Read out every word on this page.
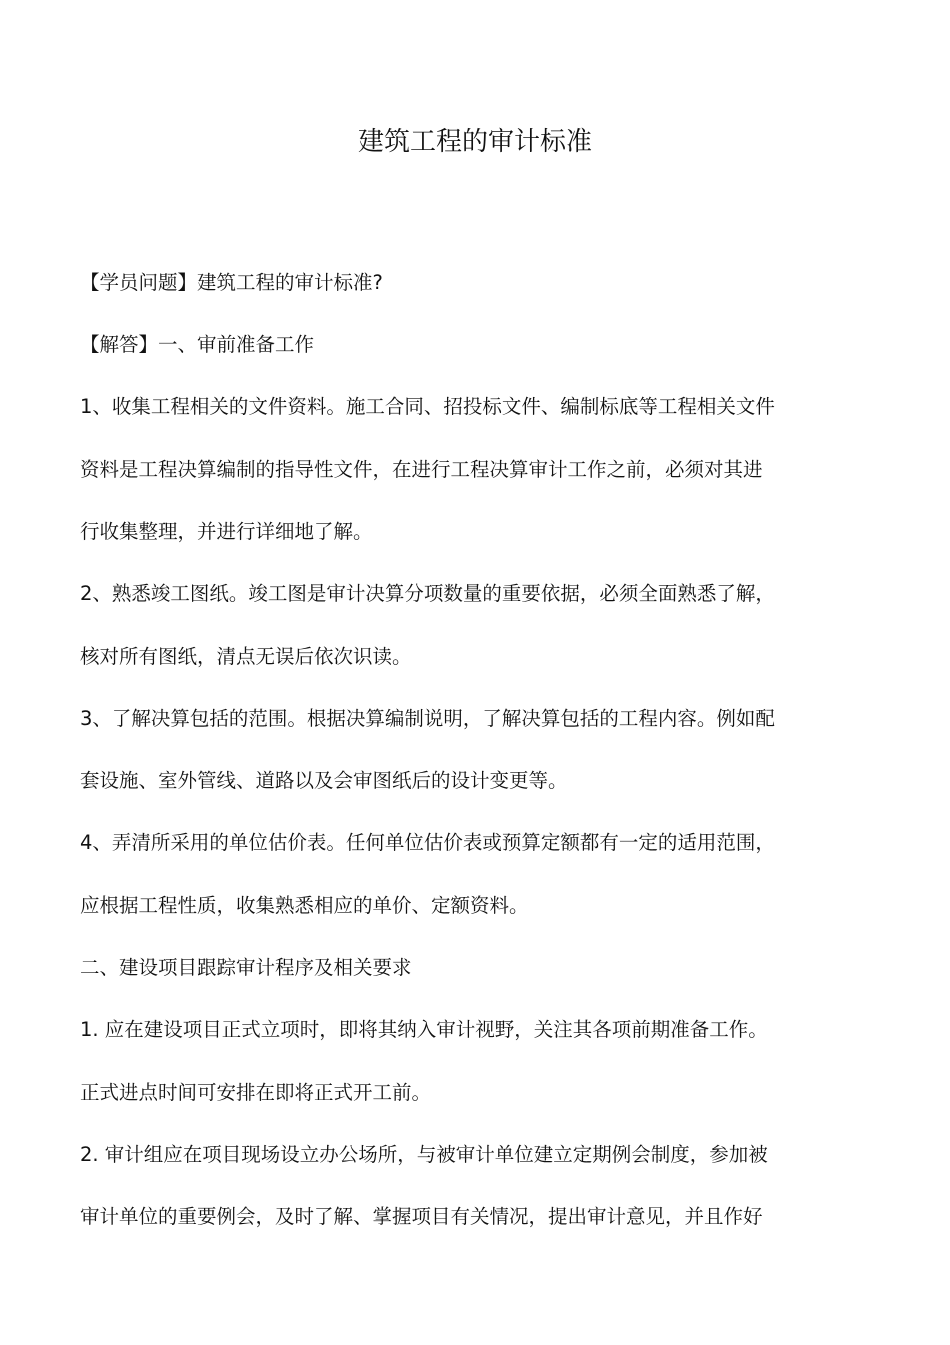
建筑工程的审计标准
【学员问题】建筑工程的审计标准?
【解答】一、审前准备工作
1、收集工程相关的文件资料。施工合同、招投标文件、编制标底等工程相关文件
资料是工程决算编制的指导性文件，在进行工程决算审计工作之前，必须对其进
行收集整理，并进行详细地了解。
2、熟悉竣工图纸。竣工图是审计决算分项数量的重要依据，必须全面熟悉了解，
核对所有图纸，清点无误后依次识读。
3、了解决算包括的范围。根据决算编制说明，了解决算包括的工程内容。例如配
套设施、室外管线、道路以及会审图纸后的设计变更等。
4、弄清所采用的单位估价表。任何单位估价表或预算定额都有一定的适用范围，
应根据工程性质，收集熟悉相应的单价、定额资料。
二、建设项目跟踪审计程序及相关要求
1. 应在建设项目正式立项时，即将其纳入审计视野，关注其各项前期准备工作。
正式进点时间可安排在即将正式开工前。
2. 审计组应在项目现场设立办公场所，与被审计单位建立定期例会制度，参加被
审计单位的重要例会，及时了解、掌握项目有关情况，提出审计意见，并且作好
